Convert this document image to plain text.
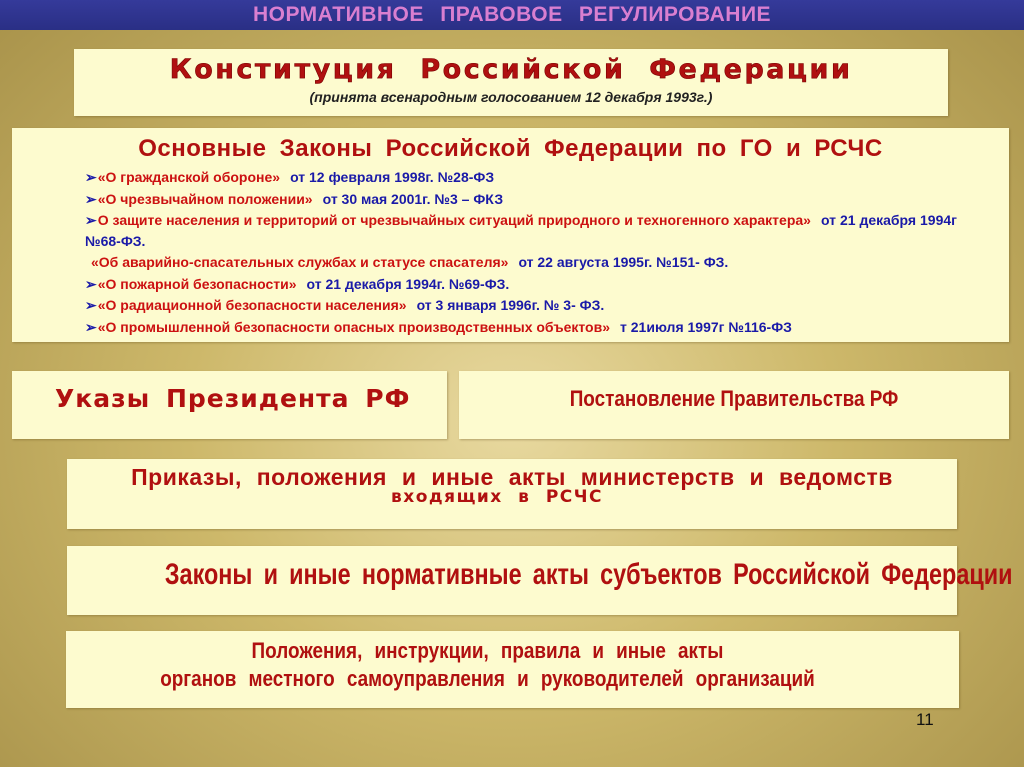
НОРМАТИВНОЕ ПРАВОВОЕ РЕГУЛИРОВАНИЕ
Конституция Российской Федерации
(принята всенародным голосованием 12 декабря 1993г.)
Основные Законы Российской Федерации по ГО и РСЧС
➢«О гражданской обороне» от 12 февраля 1998г. №28-ФЗ
➢«О чрезвычайном положении» от 30 мая 2001г. №3 – ФКЗ
➢О защите населения и территорий от чрезвычайных ситуаций природного и техногенного характера» от 21 декабря 1994г №68-ФЗ.
«Об аварийно-спасательных службах и статусе спасателя» от 22 августа 1995г. №151- ФЗ.
➢«О пожарной безопасности» от 21 декабря 1994г. №69-ФЗ.
➢«О радиационной безопасности населения» от 3 января 1996г. № 3- ФЗ.
➢«О промышленной безопасности опасных производственных объектов» т 21июля 1997г №116-ФЗ
Указы Президента РФ	Постановление Правительства РФ
Приказы, положения и иные акты министерств и ведомств
входящих в РСЧС
Законы и иные нормативные акты субъектов Российской Федерации
Положения, инструкции, правила и иные акты
органов местного самоуправления и руководителей организаций
11
